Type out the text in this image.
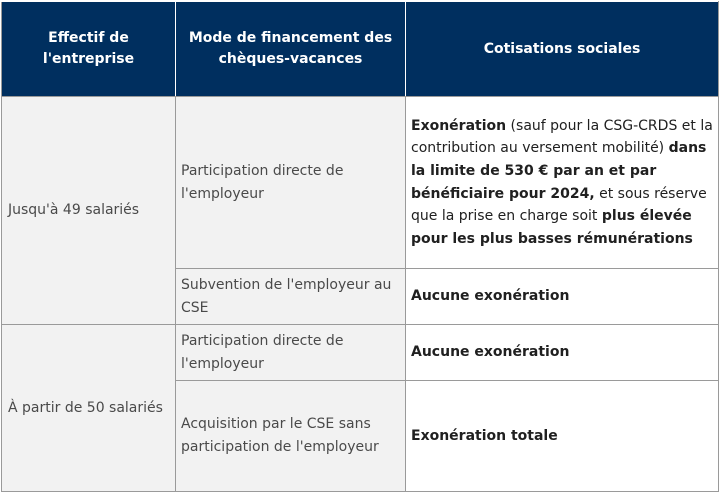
Effectif de l'entreprise	Mode de financement des chèques-vacances	Cotisations sociales
Jusqu'à 49 salariés	Participation directe de l'employeur	Exonération (sauf pour la CSG-CRDS et la contribution au versement mobilité) dans la limite de 530 € par an et par bénéficiaire pour 2024, et sous réserve que la prise en charge soit plus élevée pour les plus basses rémunérations
	Subvention de l'employeur au CSE	Aucune exonération
À partir de 50 salariés	Participation directe de l'employeur	Aucune exonération
	Acquisition par le CSE sans participation de l'employeur	Exonération totale
